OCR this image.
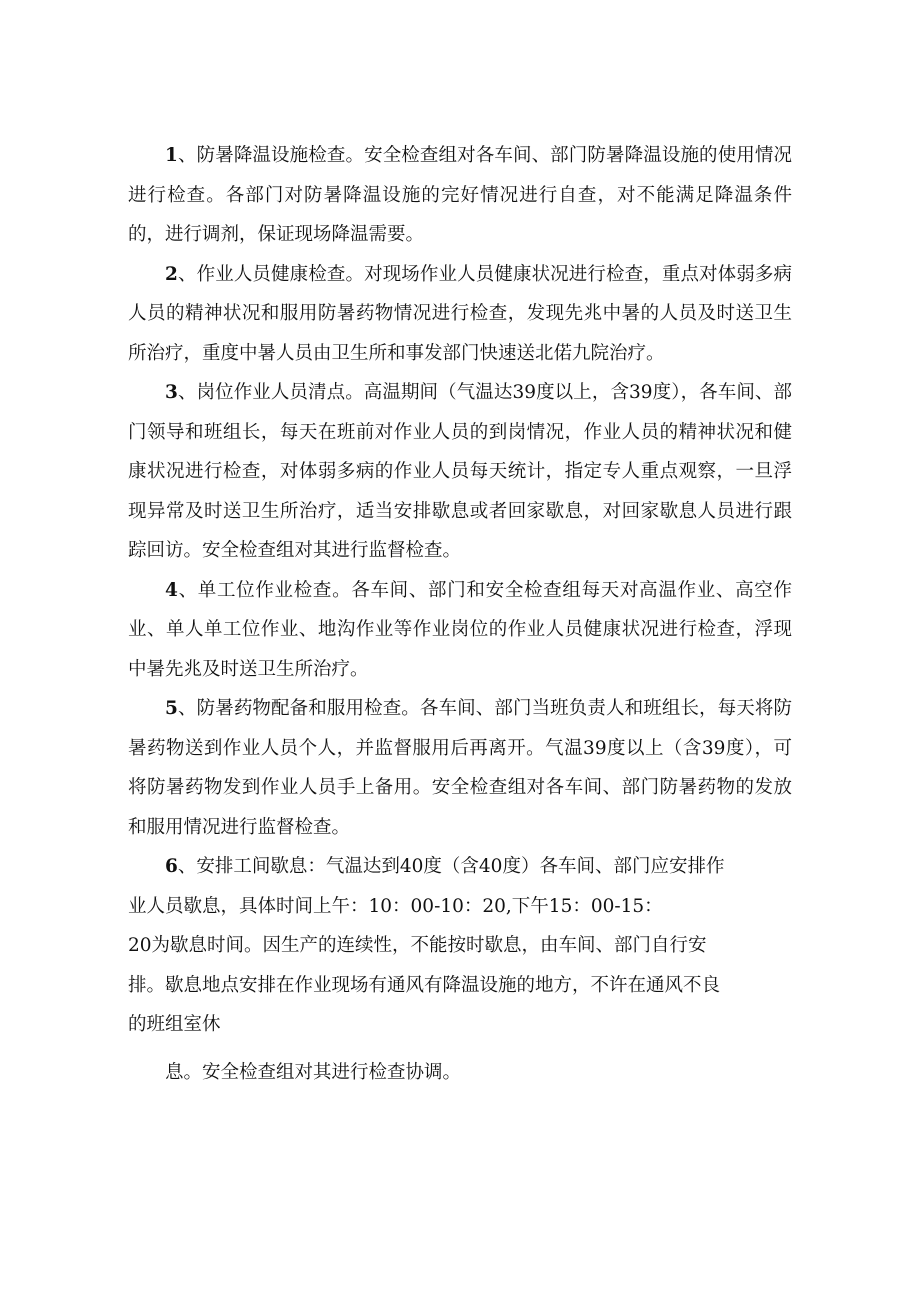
1、防暑降温设施检查。安全检查组对各车间、部门防暑降温设施的使用情况进行检查。各部门对防暑降温设施的完好情况进行自查，对不能满足降温条件的，进行调剂，保证现场降温需要。

2、作业人员健康检查。对现场作业人员健康状况进行检查，重点对体弱多病人员的精神状况和服用防暑药物情况进行检查，发现先兆中暑的人员及时送卫生所治疗，重度中暑人员由卫生所和事发部门快速送北偌九院治疗。

3、岗位作业人员清点。高温期间（气温达39度以上，含39度），各车间、部门领导和班组长，每天在班前对作业人员的到岗情况，作业人员的精神状况和健康状况进行检查，对体弱多病的作业人员每天统计，指定专人重点观察，一旦浮现异常及时送卫生所治疗，适当安排歇息或者回家歇息，对回家歇息人员进行跟踪回访。安全检查组对其进行监督检查。

4、单工位作业检查。各车间、部门和安全检查组每天对高温作业、高空作业、单人单工位作业、地沟作业等作业岗位的作业人员健康状况进行检查，浮现中暑先兆及时送卫生所治疗。

5、防暑药物配备和服用检查。各车间、部门当班负责人和班组长，每天将防暑药物送到作业人员个人，并监督服用后再离开。气温39度以上（含39度），可将防暑药物发到作业人员手上备用。安全检查组对各车间、部门防暑药物的发放和服用情况进行监督检查。

6、安排工间歇息：气温达到40度（含40度）各车间、部门应安排作
业人员歇息，具体时间上午：10：00-10：20,下午15：00-15：
20为歇息时间。因生产的连续性，不能按时歇息，由车间、部门自行安
排。歇息地点安排在作业现场有通风有降温设施的地方，不许在通风不良
的班组室休
息。安全检查组对其进行检查协调。
